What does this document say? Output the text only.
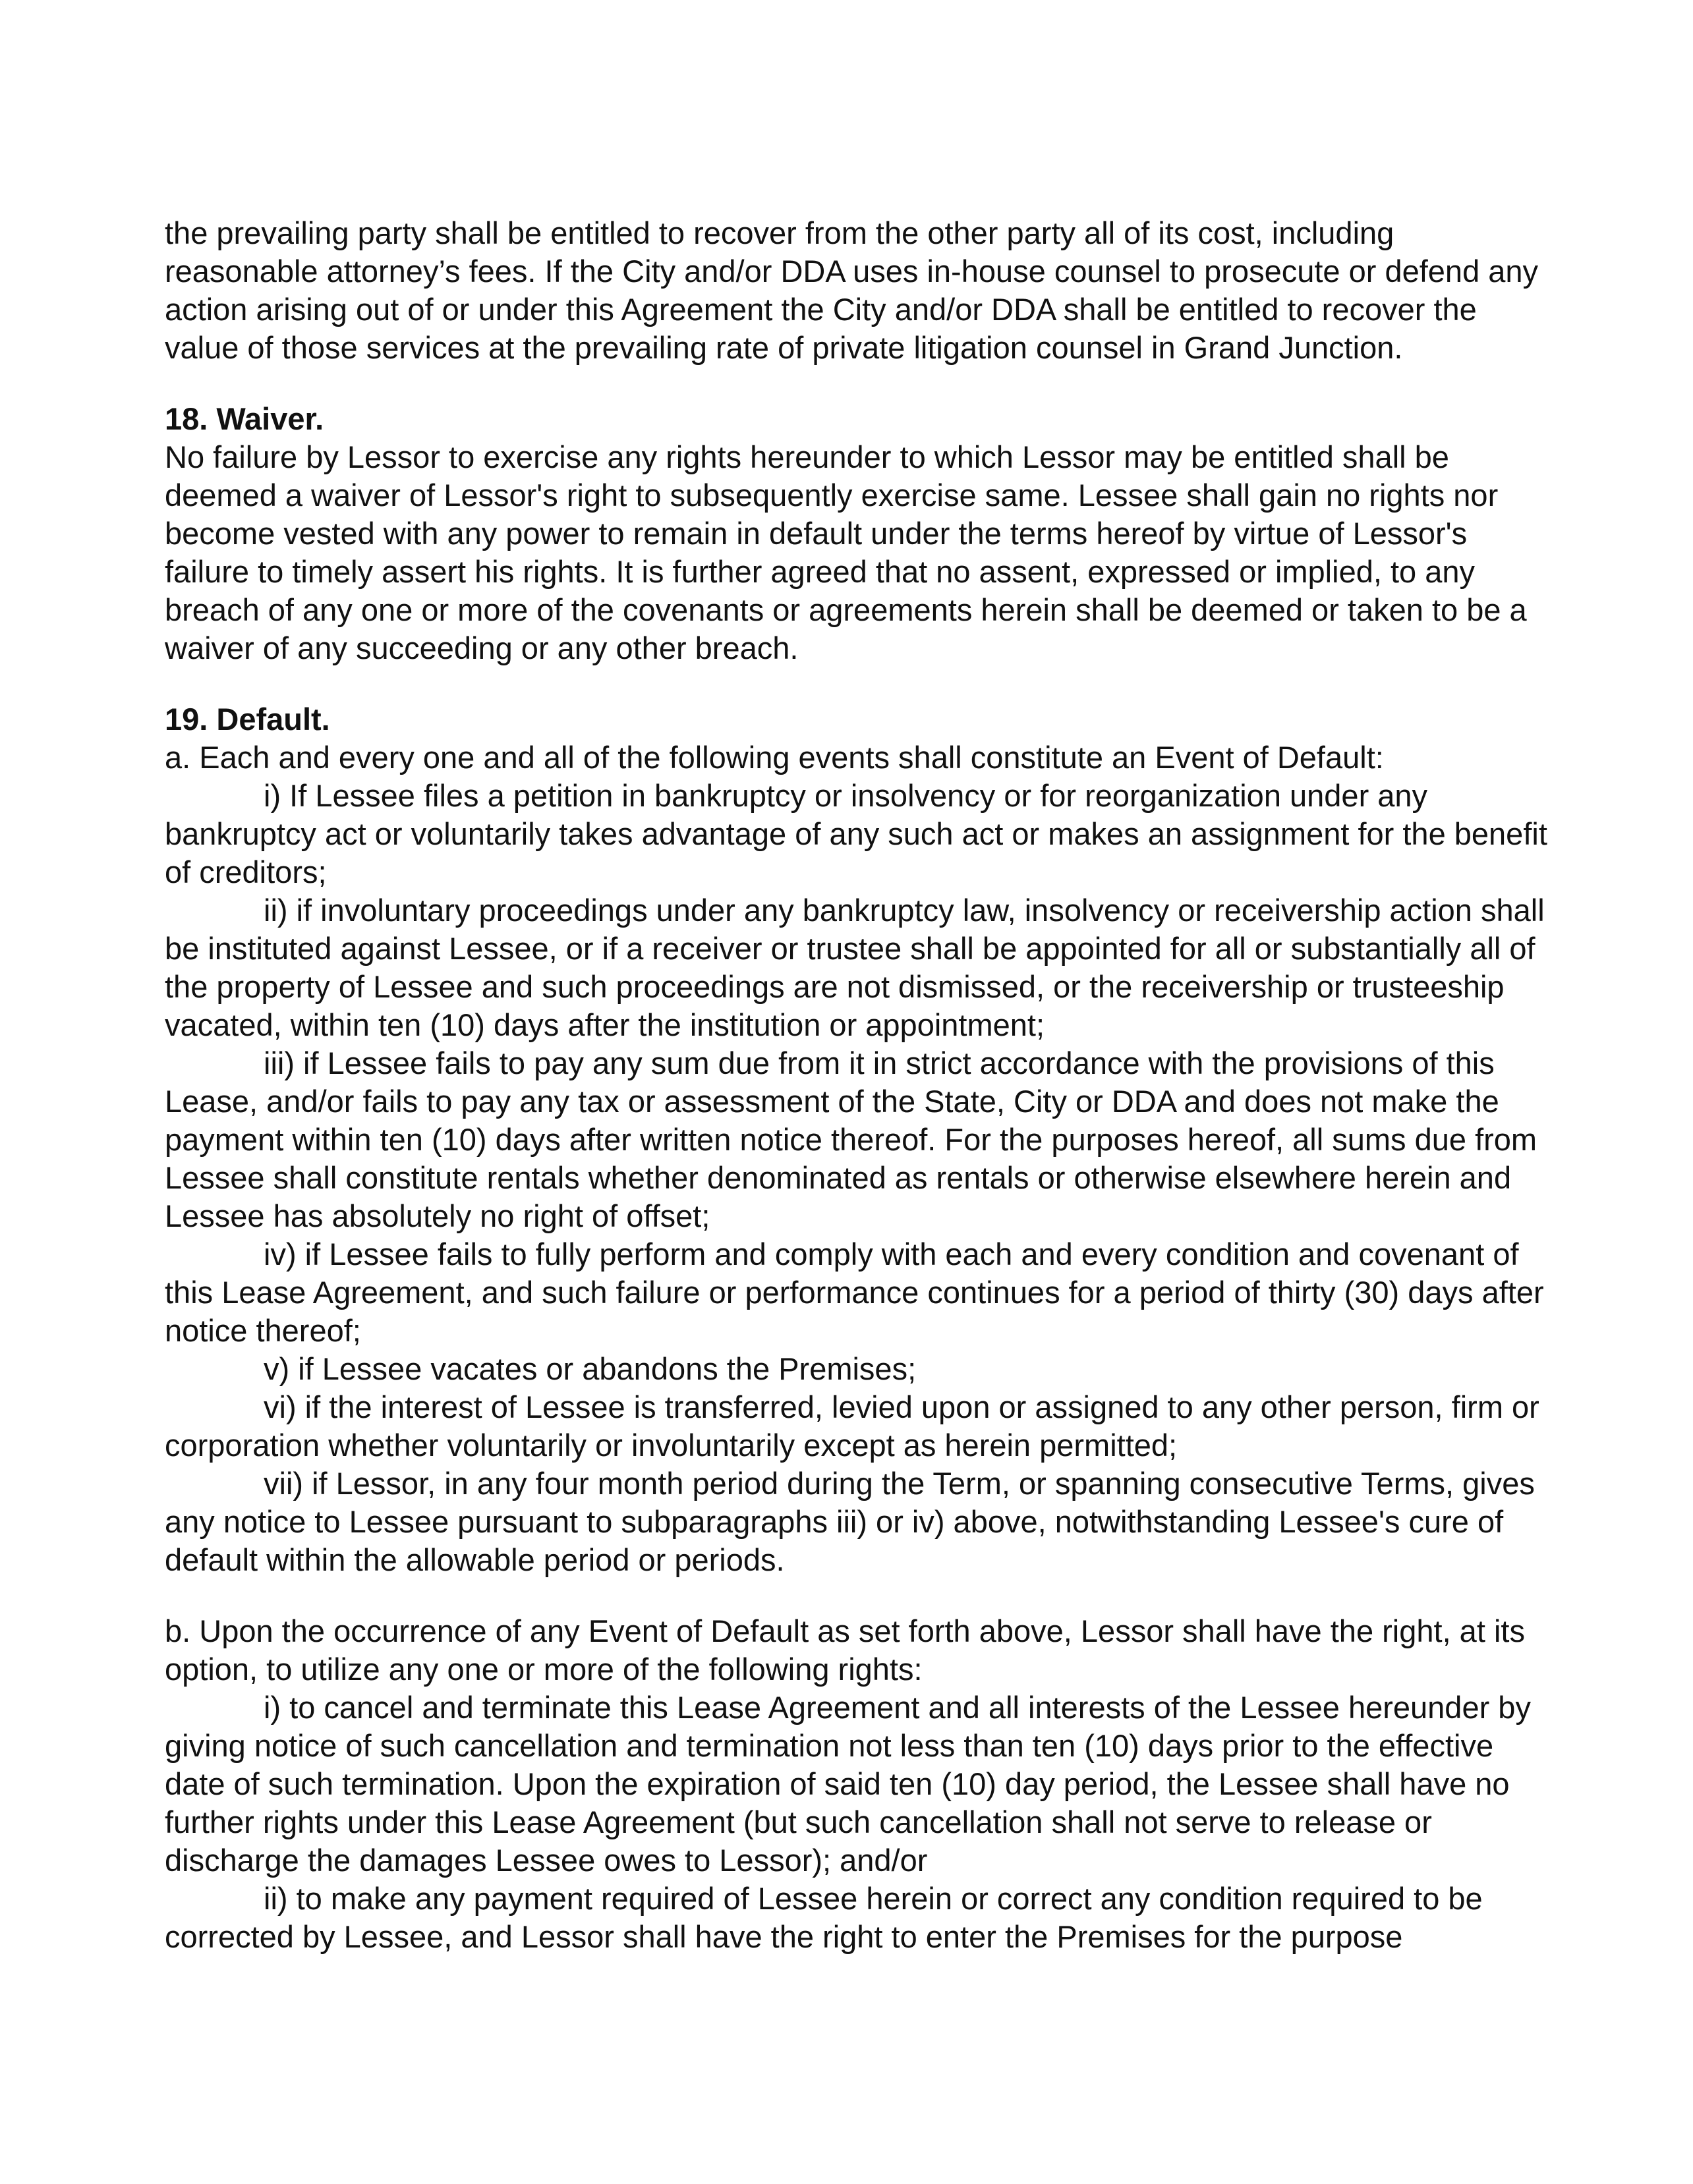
the prevailing party shall be entitled to recover from the other party all of its cost, including reasonable attorney’s fees. If the City and/or DDA uses in-house counsel to prosecute or defend any action arising out of or under this Agreement the City and/or DDA shall be entitled to recover the value of those services at the prevailing rate of private litigation counsel in Grand Junction.

18. Waiver.

No failure by Lessor to exercise any rights hereunder to which Lessor may be entitled shall be deemed a waiver of Lessor's right to subsequently exercise same. Lessee shall gain no rights nor become vested with any power to remain in default under the terms hereof by virtue of Lessor's failure to timely assert his rights. It is further agreed that no assent, expressed or implied, to any breach of any one or more of the covenants or agreements herein shall be deemed or taken to be a waiver of any succeeding or any other breach.

19. Default.

a. Each and every one and all of the following events shall constitute an Event of Default:

i) If Lessee files a petition in bankruptcy or insolvency or for reorganization under any bankruptcy act or voluntarily takes advantage of any such act or makes an assignment for the benefit of creditors;

ii) if involuntary proceedings under any bankruptcy law, insolvency or receivership action shall be instituted against Lessee, or if a receiver or trustee shall be appointed for all or substantially all of the property of Lessee and such proceedings are not dismissed, or the receivership or trusteeship vacated, within ten (10) days after the institution or appointment;

iii) if Lessee fails to pay any sum due from it in strict accordance with the provisions of this Lease, and/or fails to pay any tax or assessment of the State, City or DDA and does not make the payment within ten (10) days after written notice thereof. For the purposes hereof, all sums due from Lessee shall constitute rentals whether denominated as rentals or otherwise elsewhere herein and Lessee has absolutely no right of offset;

iv) if Lessee fails to fully perform and comply with each and every condition and covenant of this Lease Agreement, and such failure or performance continues for a period of thirty (30) days after notice thereof;

v) if Lessee vacates or abandons the Premises;

vi) if the interest of Lessee is transferred, levied upon or assigned to any other person, firm or corporation whether voluntarily or involuntarily except as herein permitted;

vii) if Lessor, in any four month period during the Term, or spanning consecutive Terms, gives any notice to Lessee pursuant to subparagraphs iii) or iv) above, notwithstanding Lessee's cure of default within the allowable period or periods.

b. Upon the occurrence of any Event of Default as set forth above, Lessor shall have the right, at its option, to utilize any one or more of the following rights:

i) to cancel and terminate this Lease Agreement and all interests of the Lessee hereunder by giving notice of such cancellation and termination not less than ten (10) days prior to the effective date of such termination. Upon the expiration of said ten (10) day period, the Lessee shall have no further rights under this Lease Agreement (but such cancellation shall not serve to release or discharge the damages Lessee owes to Lessor); and/or

ii) to make any payment required of Lessee herein or correct any condition required to be corrected by Lessee, and Lessor shall have the right to enter the Premises for the purpose
